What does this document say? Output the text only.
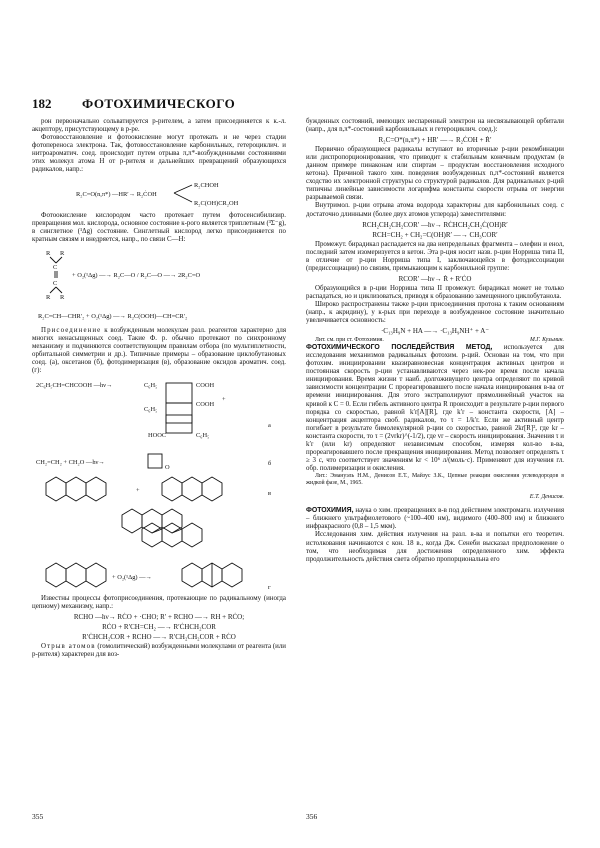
182 ФОТОХИМИЧЕСКОГО

рон первоначально сольватируется р-рителем, а затем присоединяется к к.-л. акцептору, присутствующему в р-ре.

Фотовосстановление и фотоокисление могут протекать и не через стадии фотопереноса электрона. Так, фотовосстановление карбонильных, гетероциклич. и нитроароматич. соед. происходит путем отрыва π,π*-возбужденными состояниями этих молекул атома Н от р-рителя и дальнейших превращений образующихся радикалов, напр.:

R₂C=O(n,π*) —HR′→ R₂ĊOH
R₂CHOH
R₂C(OH)CR₂OH

Фотоокисление кислородом часто протекает путем фотосенсибилизир. превращения мол. кислорода, основное состояние к-рого является триплетным (³Σ⁻g), в синглетное (¹Δg) состояние. Синглетный кислород легко присоединяется по кратным связям и внедряется, напр., по связи С—Н:

R R
C
C
R R
+ O₂(¹Δg) —→ R₂C—O / R₂C—O —→ 2R₂C=O
R₂C=CH—CHR′₂ + O₂(¹Δg) —→ R₂C(OOH)—CH=CR′₂

Присоединение к возбужденным молекулам разл. реагентов характерно для многих ненасыщенных соед. Такие Ф. р. обычно протекают по синхронному механизму и подчиняются соответствующим правилам отбора (по мультиплетности, орбитальной симметрии и др.). Типичные примеры – образование циклобутановых соед. (а), оксетанов (б), фотодимеризация (в), образование оксидов ароматич. соед. (г):

2C₆H₅CH=CHCOOH —hν→	C₆H₅
C₆H₅
COOH
COOH
+
HOOC	C₆H₅
а
CH₂=CH₂ + CH₂O —hν→
O
б
+	в
+ O₂(¹Δg) —→
г

Известны процессы фотоприсоединения, протекающие по радикальному (иногда цепному) механизму, напр.:

RCHO —hν→ RĊO + ·CHO; R′ + RCHO —→ RH + RĊO;

RĊO + R′CH=CH₂ —→ R′ĊHCH₂COR

R′ĊHCH₂COR + RCHO —→ R′CH₂CH₂COR + RĊO

Отрыв атомов (гомолитический) возбужденными молекулами от реагента (или р-рителя) характерен для воз-

бужденных состояний, имеющих неспаренный электрон на несвязывающей орбитали (напр., для n,π*-состояний карбонильных и гетероциклич. соед.):

R₂C=O*(n,π*) + HR′ —→ R₂ĊOH + Ṙ′

Первично образующиеся радикалы вступают во вторичные р-ции рекомбинации или диспропорционирования, что приводит к стабильным конечным продуктам (в данном примере пинаконам или спиртам – продуктам восстановления исходного кетона). Причиной такого хим. поведения возбужденных n,π*-состояний является сходство их электронной структуры со структурой радикалов. Для радикальных р-ций типичны линейные зависимости логарифма константы скорости отрыва от энергии разрываемой связи.

Внутримол. р-ции отрыва атома водорода характерны для карбонильных соед. с достаточно длинными (более двух атомов углерода) заместителями:

RCH₂CH₂CH₂COR′ —hν→ RĊHCH₂CH₂Ċ(OH)R′

RCH=CH₂ + CH₂=C(OH)R′ —→ CH₃COR′

Промежут. бирадикал распадается на два непредельных фрагмента – олефин и енол, последний затем изомеризуется в кетон. Эта р-ция носит назв. р-ции Норриша типа II, в отличие от р-ции Норриша типа I, заключающейся в фотодиссоциации (предиссоциации) по связям, примыкающим к карбонильной группе:

RCOR′ —hν→ Ṙ + R′ĊO

Образующийся в р-ции Норриша типа II промежут. бирадикал может не только распадаться, но и циклизоваться, приводя к образованию замещенного циклобутанола.

Широко распространены также р-ции присоединения протона к таким основаниям (напр., к акридину), у к-рых при переходе в возбужденное состояние значительно увеличивается основность:

·C₁₃H₉N + HA —→ ·C₁₃H₉NH⁺ + A⁻

Лит. см. при ст. Фотохимия.	М.Г. Кузьмин.

ФОТОХИМИЧЕСКОГО ПОСЛЕДЕЙСТВИЯ МЕТОД, используется для исследования механизмов радикальных фотохим. р-ций. Основан на том, что при фотохим. инициировании квазиравновесная концентрация активных центров и постоянная скорость р-ции устанавливаются через нек-рое время после начала инициирования. Время жизни т наиб. долгоживущего центра определяют по кривой зависимости концентрации С прореагировавшего после начала инициирования в-ва от времени инициирования. Для этого экстраполируют прямолинейный участок на кривой к С = 0. Если гибель активного центра R происходит в результате р-ции первого порядка со скоростью, равной k′r[A][R], где k′r – константа скорости, [A] – концентрация акцептора своб. радикалов, то τ = 1/k′r. Если же активный центр погибает в результате бимолекулярной р-ции со скоростью, равной 2kr[R]², где kr – константа скорости, то τ = (2vrkr)^(-1/2), где vr – скорость инициирования. Значения τ и k′r (или kr) определяют независимым способом, измеряя кол-во в-ва, прореагировавшего после прекращения инициирования. Метод позволяет определять τ ≥ 3 с, что соответствует значениям kr < 10⁶ л/(моль·с). Применяют для изучения гл. обр. полимеризации и окисления.

Лит.: Эмануэль Н.М., Денисов Е.Т., Майзус З.К., Цепные реакции окисления углеводородов в жидкой фазе, М., 1965.

Е.Т. Денисов.

ФОТОХИМИЯ, наука о хим. превращениях в-в под действием электромагн. излучения – ближнего ультрафиолетового (~100–400 нм), видимого (400–800 нм) и ближнего инфракрасного (0,8 – 1,5 мкм).

Исследования хим. действия излучения на разл. в-ва и попытки его теоретич. истолкования начинаются с кон. 18 в., когда Дж. Сенеби высказал предположение о том, что необходимая для достижения определенного хим. эффекта продолжительность действия света обратно пропорциональна его

355	356
